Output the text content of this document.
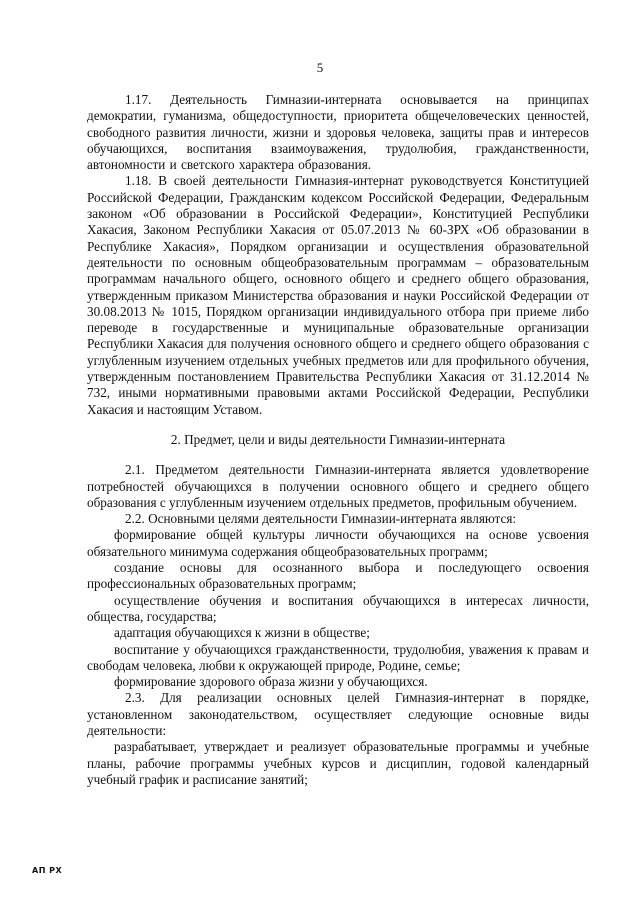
5

1.17. Деятельность Гимназии-интерната основывается на принципах демократии, гуманизма, общедоступности, приоритета общечеловеческих ценностей, свободного развития личности, жизни и здоровья человека, защиты прав и интересов обучающихся, воспитания взаимоуважения, трудолюбия, гражданственности, автономности и светского характера образования.

1.18. В своей деятельности Гимназия-интернат руководствуется Конституцией Российской Федерации, Гражданским кодексом Российской Федерации, Федеральным законом «Об образовании в Российской Федерации», Конституцией Республики Хакасия, Законом Республики Хакасия от 05.07.2013 № 60-ЗРХ «Об образовании в Республике Хакасия», Порядком организации и осуществления образовательной деятельности по основным общеобразовательным программам – образовательным программам начального общего, основного общего и среднего общего образования, утвержденным приказом Министерства образования и науки Российской Федерации от 30.08.2013 № 1015, Порядком организации индивидуального отбора при приеме либо переводе в государственные и муниципальные образовательные организации Республики Хакасия для получения основного общего и среднего общего образования с углубленным изучением отдельных учебных предметов или для профильного обучения, утвержденным постановлением Правительства Республики Хакасия от 31.12.2014 № 732, иными нормативными правовыми актами Российской Федерации, Республики Хакасия и настоящим Уставом.

2. Предмет, цели и виды деятельности Гимназии-интерната

2.1. Предметом деятельности Гимназии-интерната является удовлетворение потребностей обучающихся в получении основного общего и среднего общего образования с углубленным изучением отдельных предметов, профильным обучением.

2.2. Основными целями деятельности Гимназии-интерната являются:

формирование общей культуры личности обучающихся на основе усвоения обязательного минимума содержания общеобразовательных программ;

создание основы для осознанного выбора и последующего освоения профессиональных образовательных программ;

осуществление обучения и воспитания обучающихся в интересах личности, общества, государства;

адаптация обучающихся к жизни в обществе;

воспитание у обучающихся гражданственности, трудолюбия, уважения к правам и свободам человека, любви к окружающей природе, Родине, семье;

формирование здорового образа жизни у обучающихся.

2.3. Для реализации основных целей Гимназия-интернат в порядке, установленном законодательством, осуществляет следующие основные виды деятельности:

разрабатывает, утверждает и реализует образовательные программы и учебные планы, рабочие программы учебных курсов и дисциплин, годовой календарный учебный график и расписание занятий;

АП РХ
